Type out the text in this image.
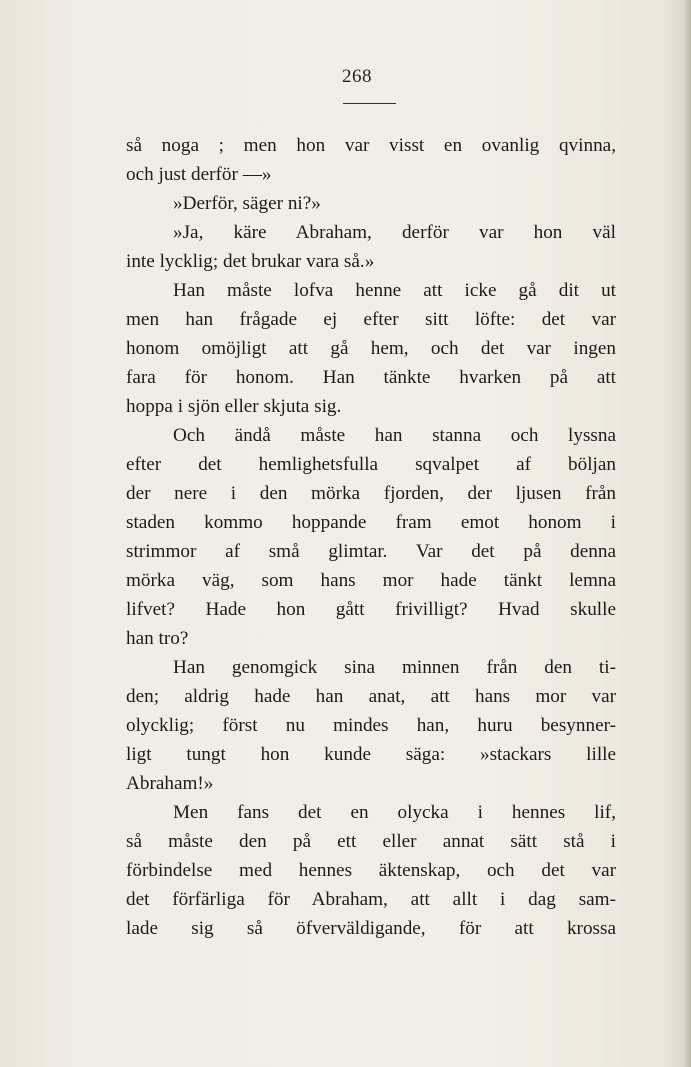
268
så noga ; men hon var visst en ovanlig qvinna,
och just derför —»
»Derför, säger ni?»
»Ja, käre Abraham, derför var hon väl
inte lycklig; det brukar vara så.»
Han måste lofva henne att icke gå dit ut
men han frågade ej efter sitt löfte: det var
honom omöjligt att gå hem, och det var ingen
fara för honom. Han tänkte hvarken på att
hoppa i sjön eller skjuta sig.
Och ändå måste han stanna och lyssna
efter det hemlighetsfulla sqvalpet af böljan
der nere i den mörka fjorden, der ljusen från
staden kommo hoppande fram emot honom i
strimmor af små glimtar. Var det på denna
mörka väg, som hans mor hade tänkt lemna
lifvet? Hade hon gått frivilligt? Hvad skulle
han tro?
Han genomgick sina minnen från den ti-
den; aldrig hade han anat, att hans mor var
olycklig; först nu mindes han, huru besynner-
ligt tungt hon kunde säga: »stackars lille
Abraham!»
Men fans det en olycka i hennes lif,
så måste den på ett eller annat sätt stå i
förbindelse med hennes äktenskap, och det var
det förfärliga för Abraham, att allt i dag sam-
lade sig så öfverväldigande, för att krossa
